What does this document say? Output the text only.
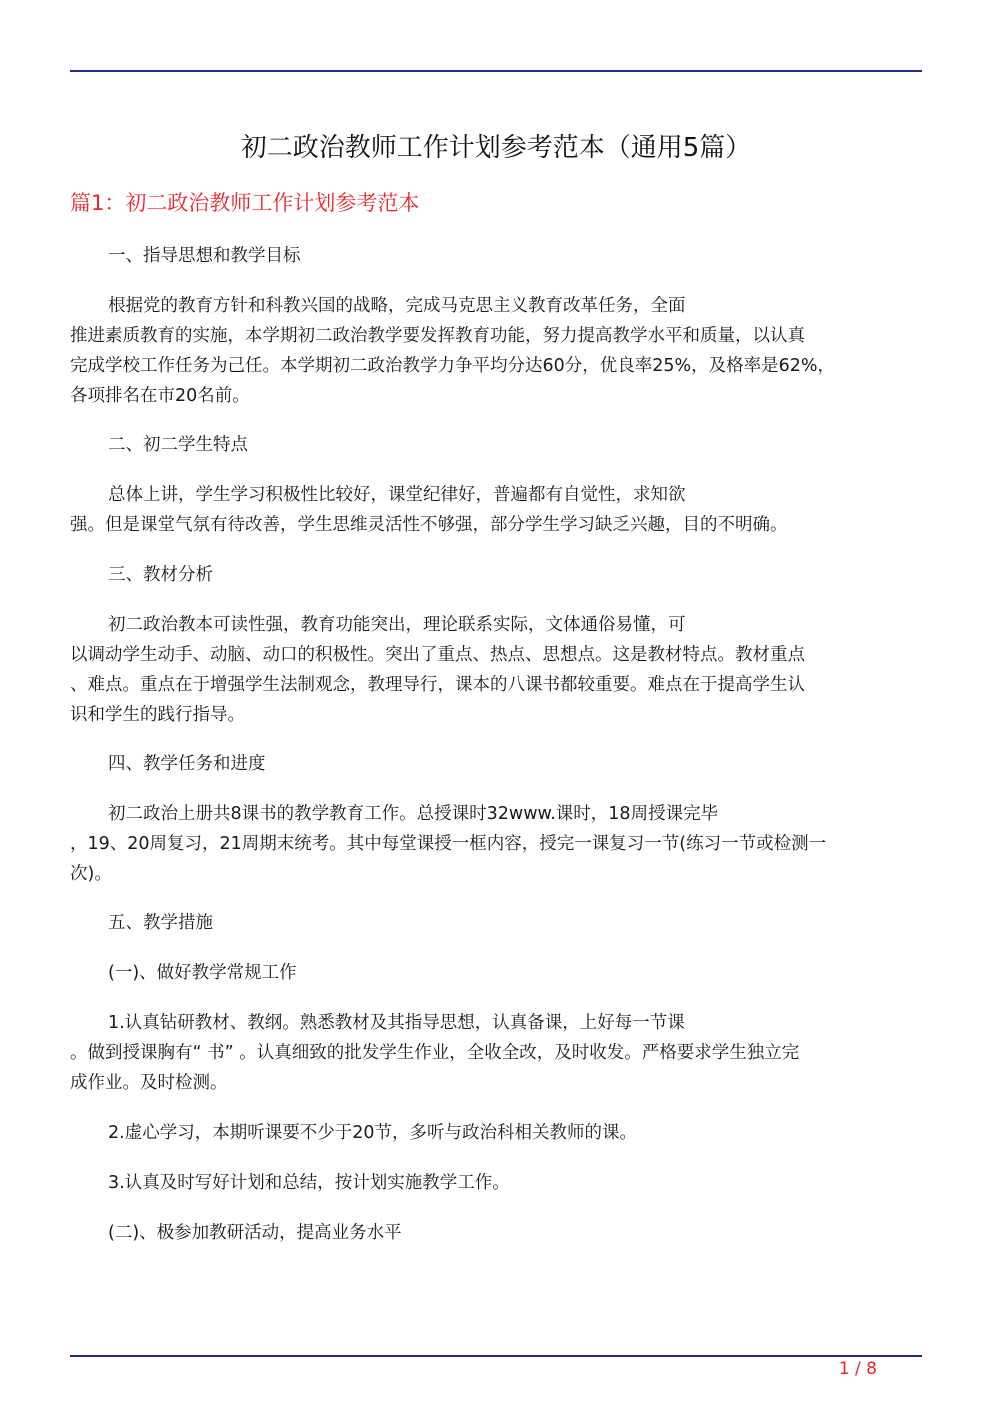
初二政治教师工作计划参考范本（通用5篇）
篇1：初二政治教师工作计划参考范本
一、指导思想和教学目标
根据党的教育方针和科教兴国的战略，完成马克思主义教育改革任务，全面
推进素质教育的实施，本学期初二政治教学要发挥教育功能，努力提高教学水平和质量，以认真
完成学校工作任务为己任。本学期初二政治教学力争平均分达60分，优良率25%，及格率是62%，
各项排名在市20名前。
二、初二学生特点
总体上讲，学生学习积极性比较好，课堂纪律好，普遍都有自觉性，求知欲
强。但是课堂气氛有待改善，学生思维灵活性不够强，部分学生学习缺乏兴趣，目的不明确。
三、教材分析
初二政治教本可读性强，教育功能突出，理论联系实际，文体通俗易懂，可
以调动学生动手、动脑、动口的积极性。突出了重点、热点、思想点。这是教材特点。教材重点
、难点。重点在于增强学生法制观念，教理导行，课本的八课书都较重要。难点在于提高学生认
识和学生的践行指导。
四、教学任务和进度
初二政治上册共8课书的教学教育工作。总授课时32www.课时，18周授课完毕
，19、20周复习，21周期末统考。其中每堂课授一框内容，授完一课复习一节(练习一节或检测一
次)。
五、教学措施
(一)、做好教学常规工作
1.认真钻研教材、教纲。熟悉教材及其指导思想，认真备课，上好每一节课
。做到授课胸有“ 书” 。认真细致的批发学生作业，全收全改，及时收发。严格要求学生独立完
成作业。及时检测。
2.虚心学习，本期听课要不少于20节，多听与政治科相关教师的课。
3.认真及时写好计划和总结，按计划实施教学工作。
(二)、极参加教研活动，提高业务水平
1 / 8
